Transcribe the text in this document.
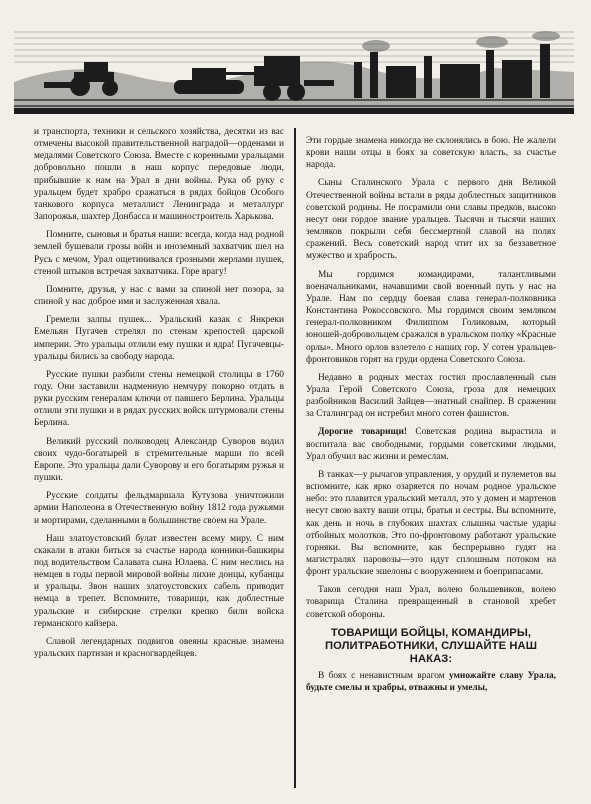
и транспорта, техники и сельского хозяйства, десятки из вас отмечены высокой правительственной наградой—орденами и медалями Советского Союза. Вместе с коренными уральцами добровольно пошли в наш корпус передовые люди, прибывшие к нам на Урал в дни войны. Рука об руку с уральцем будет храбро сражаться в рядах бойцов Особого танкового корпуса металлист Ленинграда и металлург Запорожья, шахтер Донбасса и машиностроитель Харькова.

Помните, сыновья и братья наши: всегда, когда над родной землей бушевали грозы войн и иноземный захватчик шел на Русь с мечом, Урал ощетинивался грозными жерлами пушек, стеной штыков встречая захватчика. Горе врагу!

Помните, друзья, у нас с вами за спиной нет позора, за спиной у нас доброе имя и заслуженная хвала.

Гремели залпы пушек... Уральский казак с Янкреки Емельян Пугачев стрелял по стенам крепостей царской империи. Это уральцы отлили ему пушки и ядра! Пугачевцы-уральцы бились за свободу народа.

Русские пушки разбили стены немецкой столицы в 1760 году. Они заставили надменную немчуру покорно отдать в руки русским генералам ключи от павшего Берлина. Уральцы отлили эти пушки и в рядах русских войск штурмовали стены Берлина.

Великий русский полководец Александр Суворов водил своих чудо-богатырей в стремительные марши по всей Европе. Это уральцы дали Суворову и его богатырям ружья и пушки.

Русские солдаты фельдмаршала Кутузова уничтожили армии Наполеона в Отечественную войну 1812 года ружьями и мортирами, сделанными в большинстве своем на Урале.

Наш златоустовский булат известен всему миру. С ним скакали в атаки биться за счастье народа конники-башкиры под водительством Салавата сына Юлаева. С ним неслись на немцев в годы первой мировой войны лихие донцы, кубанцы и уральцы. Звон наших златоустовских сабель приводит немца в трепет. Вспомните, товарищи, как доблестные уральские и сибирские стрелки крепко били войска германского кайзера.

Славой легендарных подвигов овеяны красные знамена уральских партизан и красногвардейцев.

Эти гордые знамена никогда не склонялись в бою. Не жалели крови наши отцы в боях за советскую власть, за счастье народа.

Сыны Сталинского Урала с первого дня Великой Отечественной войны встали в ряды доблестных защитников советской родины. Не посрамили они славы предков, высоко несут они гордое звание уральцев. Тысячи и тысячи наших земляков покрыли себя бессмертной славой на полях сражений. Весь советский народ чтит их за беззаветное мужество и храбрость.

Мы гордимся командирами, талантливыми военачальниками, начавшими свой военный путь у нас на Урале. Нам по сердцу боевая слава генерал-полковника Константина Рокоссовского. Мы гордимся своим земляком генерал-полковником Филиппом Голиковым, который юношей-добровольцем сражался в уральском полку «Красные орлы». Много орлов взлетело с наших гор. У сотен уральцев-фронтовиков горят на груди ордена Советского Союза.

Недавно в родных местах гостил прославленный сын Урала Герой Советского Союза, гроза для немецких разбойников Василий Зайцев—знатный снайпер. В сражении за Сталинград он истребил много сотен фашистов.

Дорогие товарищи! Советская родина вырастила и воспитала вас свободными, гордыми советскими людьми, Урал обучил вас жизни и ремеслам.

В танках—у рычагов управления, у орудий и пулеметов вы вспомните, как ярко озаряется по ночам родное уральское небо: это плавится уральский металл, это у домен и мартенов несут свою вахту ваши отцы, братья и сестры. Вы вспомните, как день и ночь в глубоких шахтах слышны частые удары отбойных молотков. Это по-фронтовому работают уральские горняки. Вы вспомните, как беспрерывно гудят на магистралях паровозы—это идут сплошным потоком на фронт уральские эшелоны с вооружением и боеприпасами.

Таков сегодня наш Урал, волею большевиков, волею товарища Сталина превращенный в становой хребет советской обороны.

ТОВАРИЩИ БОЙЦЫ, КОМАНДИРЫ, ПОЛИТРАБОТНИКИ, СЛУШАЙТЕ НАШ НАКАЗ:

В боях с ненавистным врагом умножайте славу Урала, будьте смелы и храбры, отважны и умелы,
